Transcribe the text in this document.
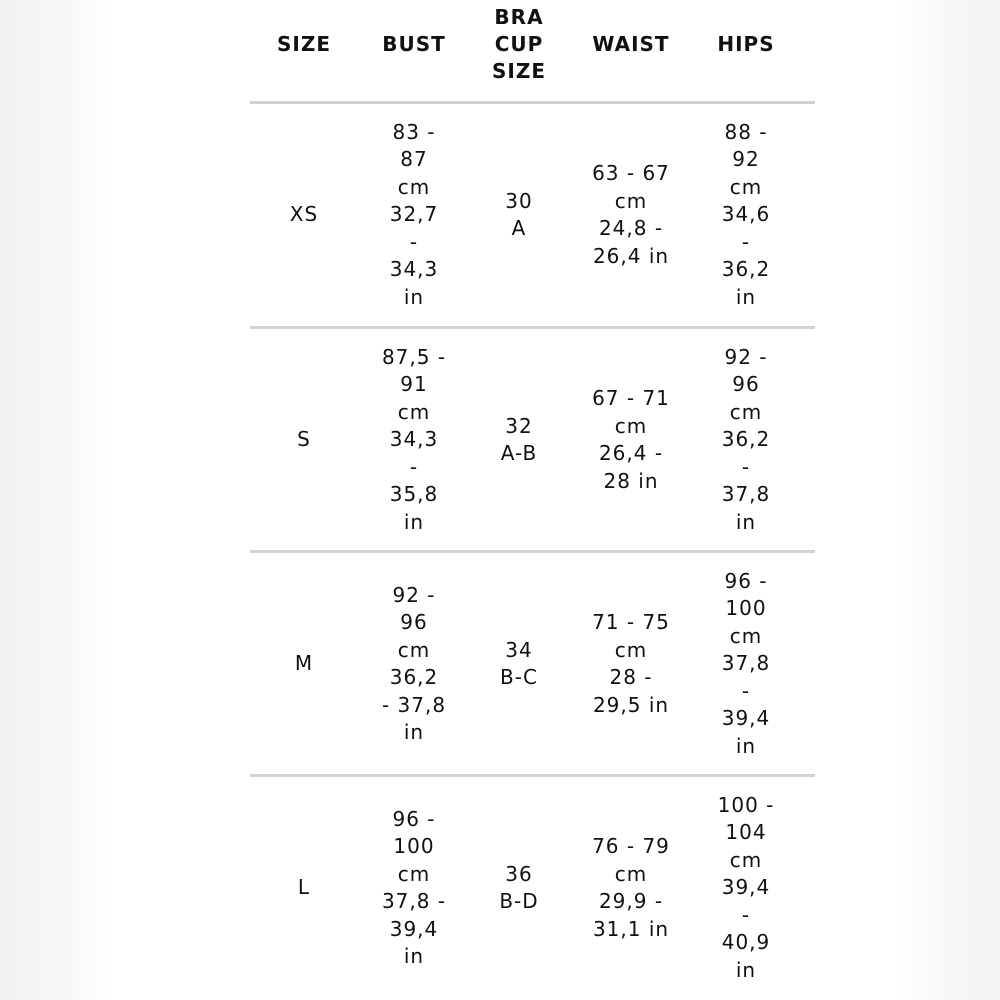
SIZE	BUST
BRA
CUP
SIZE
WAIST HIPS
XS
83 -
87
cm
32,7
-
34,3
in
30
A
63 - 67
cm
24,8 -
26,4 in
88 -
92
cm
34,6
-
36,2
in
S
87,5 -
91
cm
34,3
-
35,8
in
32
A-B
67 - 71
cm
26,4 -
28 in
92 -
96
cm
36,2
-
37,8
in
M
92 -
96
cm
36,2
- 37,8
in
34
B-C
71 - 75
cm
28 -
29,5 in
96 -
100
cm
37,8
-
39,4
in
L
96 -
100
cm
37,8 -
39,4
in
36
B-D
76 - 79
cm
29,9 -
31,1 in
100 -
104
cm
39,4
-
40,9
in
